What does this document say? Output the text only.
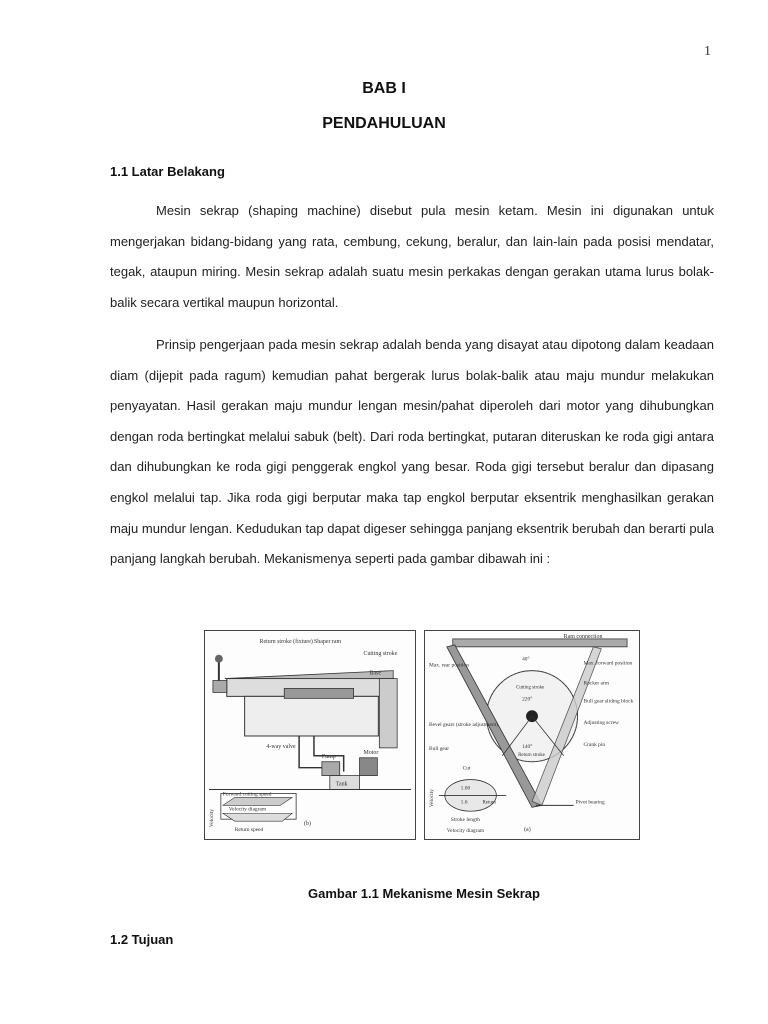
1
BAB I
PENDAHULUAN
1.1 Latar Belakang

Mesin sekrap (shaping machine) disebut pula mesin ketam. Mesin ini digunakan untuk mengerjakan bidang-bidang yang rata, cembung, cekung, beralur, dan lain-lain pada posisi mendatar, tegak, ataupun miring. Mesin sekrap adalah suatu mesin perkakas dengan gerakan utama lurus bolak-balik secara vertikal maupun horizontal.

Prinsip pengerjaan pada mesin sekrap adalah benda yang disayat atau dipotong dalam keadaan diam (dijepit pada ragum) kemudian pahat bergerak lurus bolak-balik atau maju mundur melakukan penyayatan. Hasil gerakan maju mundur lengan mesin/pahat diperoleh dari motor yang dihubungkan dengan roda bertingkat melalui sabuk (belt). Dari roda bertingkat, putaran diteruskan ke roda gigi antara dan dihubungkan ke roda gigi penggerak engkol yang besar. Roda gigi tersebut beralur dan dipasang engkol melalui tap. Jika roda gigi berputar maka tap engkol berputar eksentrik menghasilkan gerakan maju mundur lengan. Kedudukan tap dapat digeser sehingga panjang eksentrik berubah dan berarti pula panjang langkah berubah. Mekanismenya seperti pada gambar dibawah ini :

Return stroke (fixture) Shaper ram
Cutting stroke
Base
4-way valve
Pump
Motor
Tank
Forward cutting speed
Velocity diagram
Return speed
Velocity	(b)
Ram connection
Max. rear position	Max. forward position
Rocker arm
Bevel gears (stroke adjustment)
Bull gear sliding block
Adjusting screw
Bull gear
Crank pin
Pivot bearing
40°
Cutting stroke
220°
140°
Return stroke
Cut
1.00
1.6	Return
Stroke length
Velocity diagram
Velocity
(a)
Gambar 1.1 Mekanisme Mesin Sekrap
1.2 Tujuan
